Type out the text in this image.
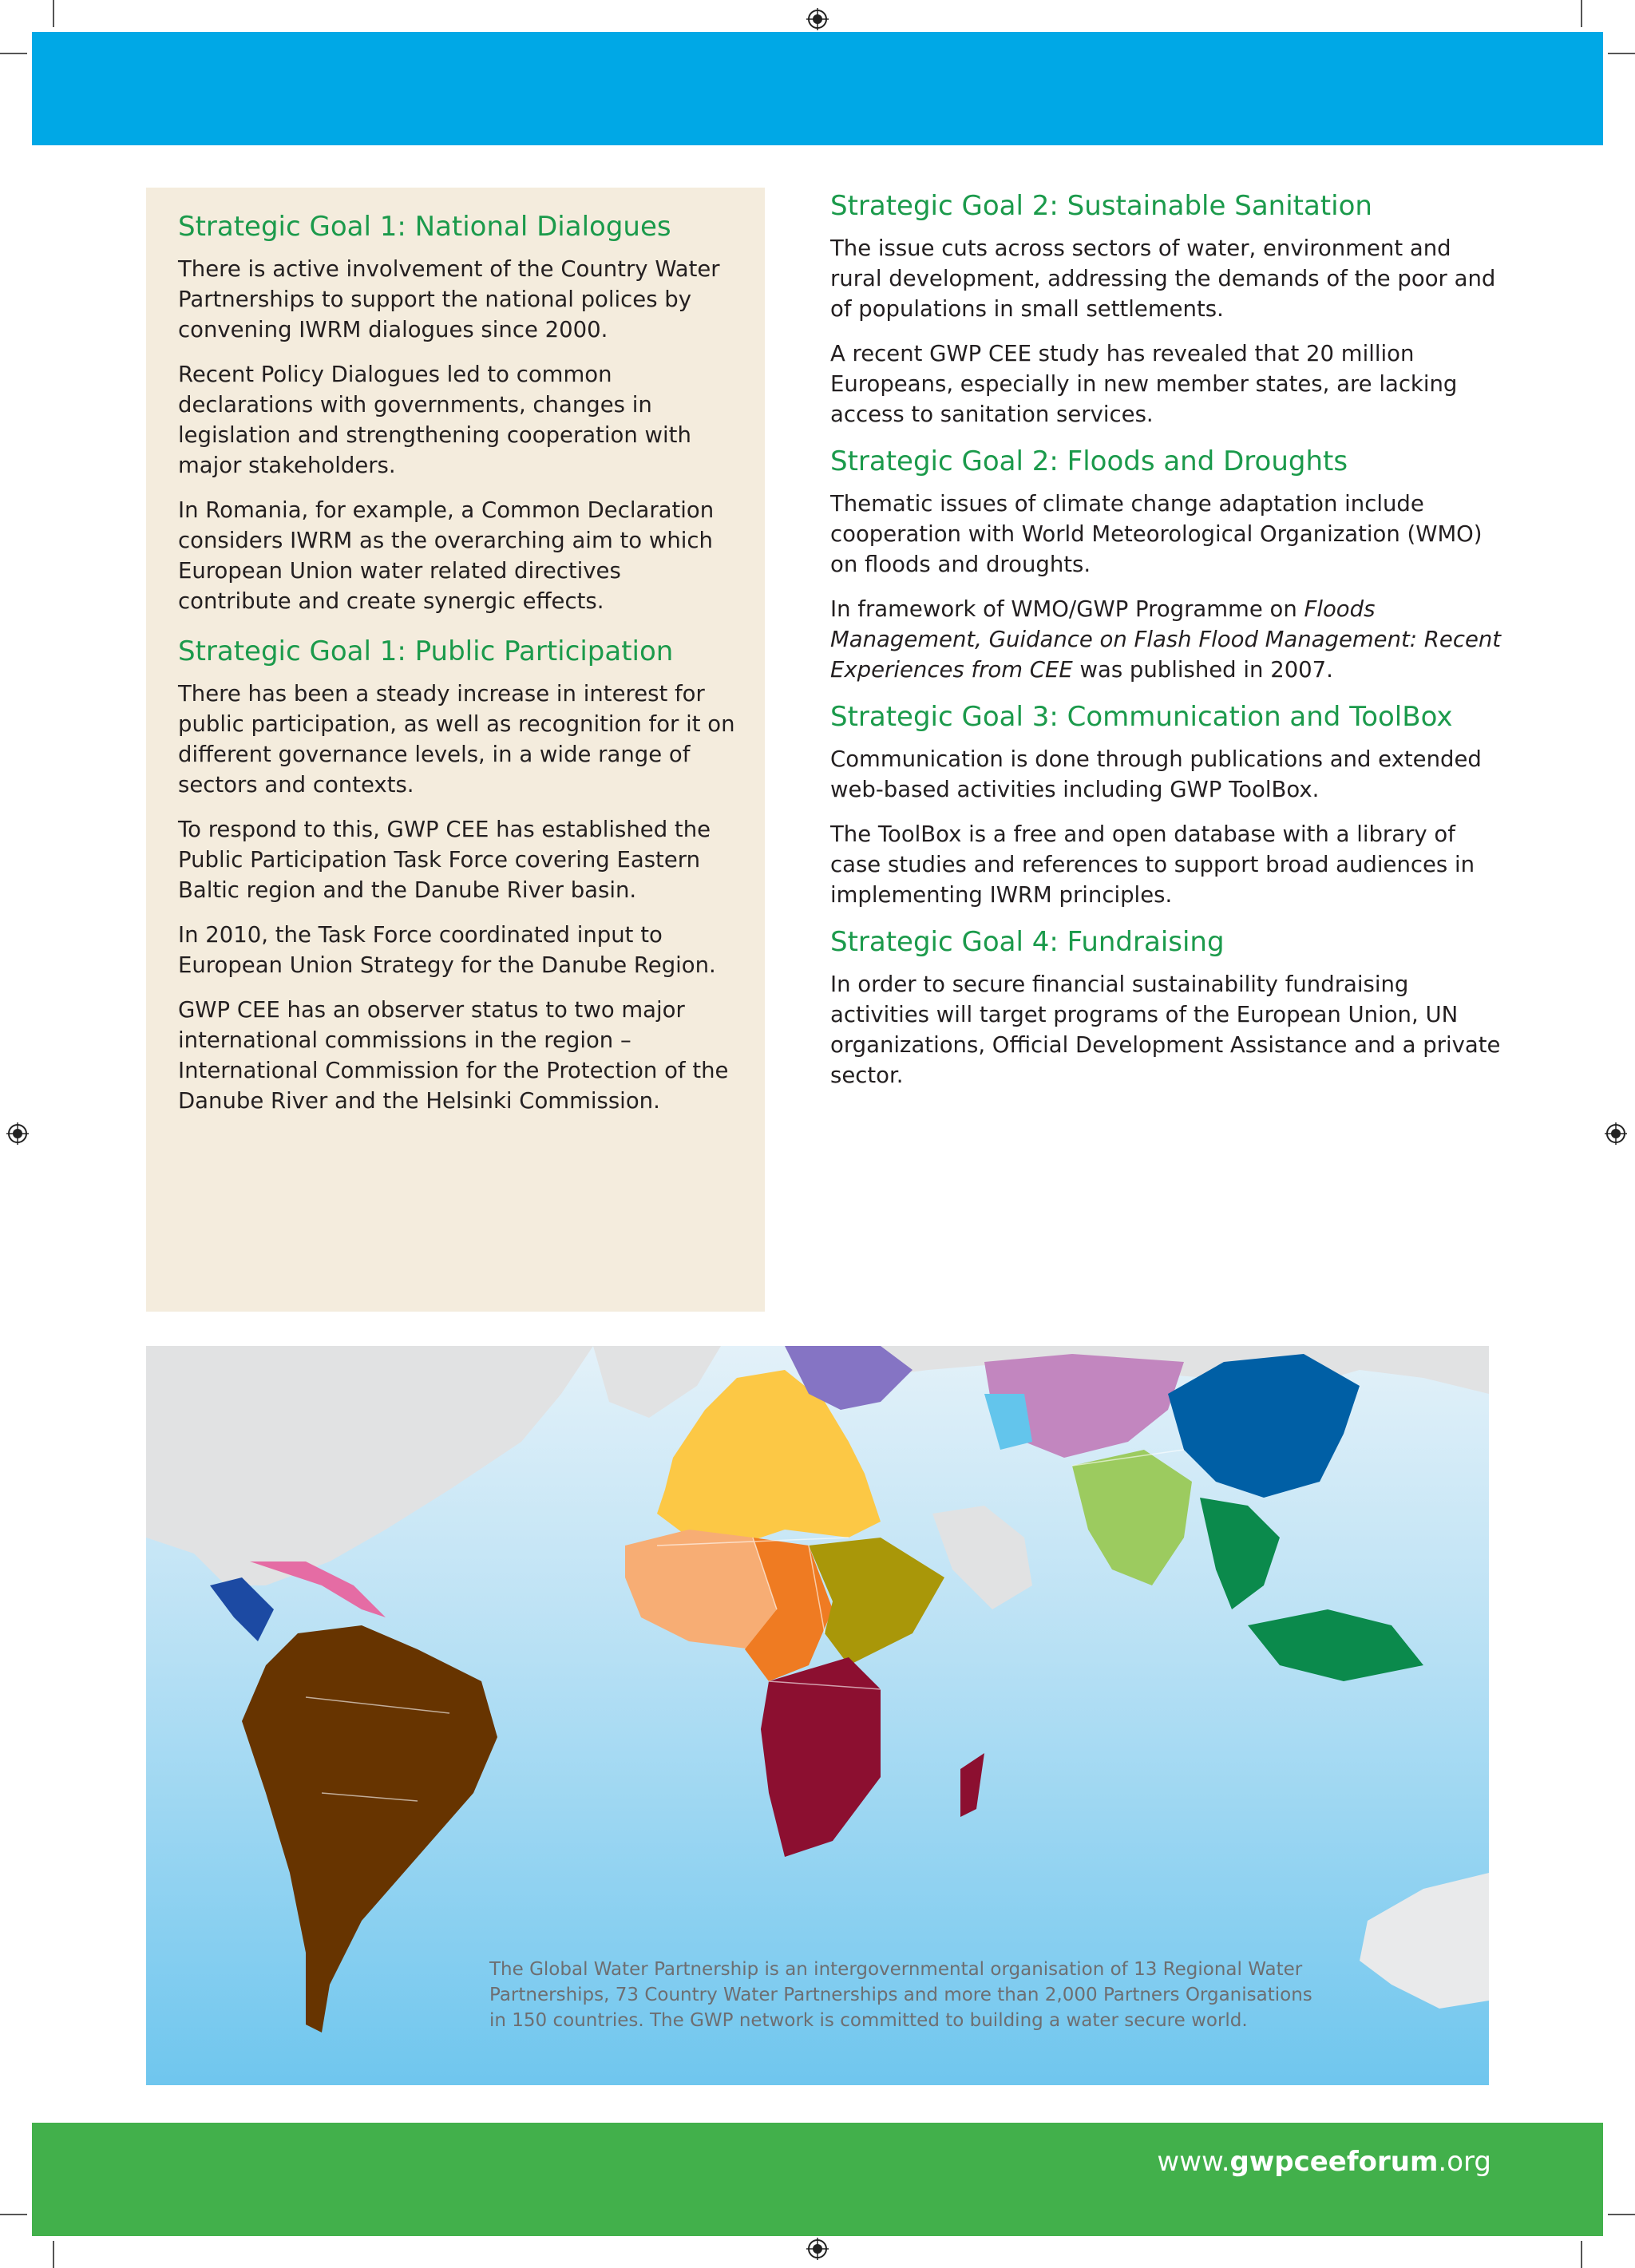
Strategic Goal 1: National Dialogues

There is active involvement of the Country Water Partnerships to support the national polices by convening IWRM dialogues since 2000.

Recent Policy Dialogues led to common declarations with governments, changes in legislation and strengthening cooperation with major stakeholders.

In Romania, for example, a Common Declaration considers IWRM as the overarching aim to which European Union water related directives contribute and create synergic effects.

Strategic Goal 1: Public Participation

There has been a steady increase in interest for public participation, as well as recognition for it on different governance levels, in a wide range of sectors and contexts.

To respond to this, GWP CEE has established the Public Participation Task Force covering Eastern Baltic region and the Danube River basin.

In 2010, the Task Force coordinated input to European Union Strategy for the Danube Region.

GWP CEE has an observer status to two major international commissions in the region – International Commission for the Protection of the Danube River and the Helsinki Commission.

Strategic Goal 2: Sustainable Sanitation

The issue cuts across sectors of water, environment and rural development, addressing the demands of the poor and of populations in small settlements.

A recent GWP CEE study has revealed that 20 million Europeans, especially in new member states, are lacking access to sanitation services.

Strategic Goal 2: Floods and Droughts

Thematic issues of climate change adaptation include cooperation with World Meteorological Organization (WMO) on floods and droughts.

In framework of WMO/GWP Programme on Floods Management, Guidance on Flash Flood Management: Recent Experiences from CEE was published in 2007.

Strategic Goal 3: Communication and ToolBox

Communication is done through publications and extended web-based activities including GWP ToolBox.

The ToolBox is a free and open database with a library of case studies and references to support broad audiences in implementing IWRM principles.

Strategic Goal 4: Fundraising

In order to secure financial sustainability fundraising activities will target programs of the European Union, UN organizations, Official Development Assistance and a private sector.

The Global Water Partnership is an intergovernmental organisation of 13 Regional Water Partnerships, 73 Country Water Partnerships and more than 2,000 Partners Organisations in 150 countries. The GWP network is committed to building a water secure world.
www.gwpceeforum.org
